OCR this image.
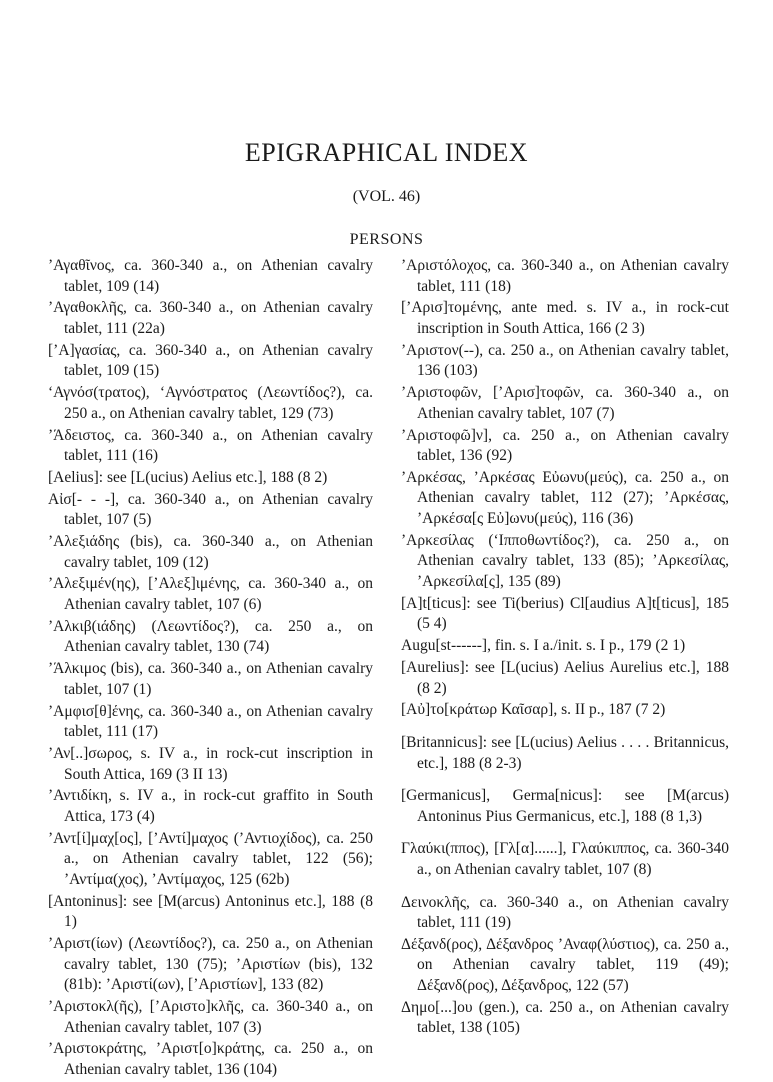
EPIGRAPHICAL INDEX
(VOL. 46)
PERSONS

ʼΑγαθῖνος, ca. 360-340 a., on Athenian cavalry tablet, 109 (14)

ʼΑγαθοκλῆς, ca. 360-340 a., on Athenian cavalry tablet, 111 (22a)

[ʼΑ]γασίας, ca. 360-340 a., on Athenian cavalry tablet, 109 (15)

ʻΑγνόσ(τρατος), ʻΑγνόστρατος (Λεωντίδος?), ca. 250 a., on Athenian cavalry tablet, 129 (73)

ʼΆδειστος, ca. 360-340 a., on Athenian cavalry tablet, 111 (16)

[Aelius]: see [L(ucius) Aelius etc.], 188 (8 2)

Αἰσ[- - -], ca. 360-340 a., on Athenian cavalry tablet, 107 (5)

ʼΑλεξιάδης (bis), ca. 360-340 a., on Athenian cavalry tablet, 109 (12)

ʼΑλεξιμέν(ης), [ʼΑλεξ]ιμένης, ca. 360-340 a., on Athenian cavalry tablet, 107 (6)

ʼΑλκιβ(ιάδης) (Λεωντίδος?), ca. 250 a., on Athenian cavalry tablet, 130 (74)

ʼΆλκιμος (bis), ca. 360-340 a., on Athenian cavalry tablet, 107 (1)

ʼΑμφισ[θ]ένης, ca. 360-340 a., on Athenian cavalry tablet, 111 (17)

ʼΑν[..]σωρος, s. IV a., in rock-cut inscription in South Attica, 169 (3 II 13)

ʼΑντιδίκη, s. IV a., in rock-cut graffito in South Attica, 173 (4)

ʼΑντ[ί]μαχ[ος], [ʼΑντί]μαχος (ʼΑντιοχίδος), ca. 250 a., on Athenian cavalry tablet, 122 (56); ʼΑντίμα(χος), ʼΑντίμαχος, 125 (62b)

[Antoninus]: see [M(arcus) Antoninus etc.], 188 (8 1)

ʼΑριστ(ίων) (Λεωντίδος?), ca. 250 a., on Athenian cavalry tablet, 130 (75); ʼΑριστίων (bis), 132 (81b): ʼΑριστί(ων), [ʼΑριστίων], 133 (82)

ʼΑριστοκλ(ῆς), [ʼΑριστο]κλῆς, ca. 360-340 a., on Athenian cavalry tablet, 107 (3)

ʼΑριστοκράτης, ʼΑριστ[ο]κράτης, ca. 250 a., on Athenian cavalry tablet, 136 (104)

ʼΑριστόλοχος, ca. 360-340 a., on Athenian cavalry tablet, 111 (18)

[ʼΑρισ]τομένης, ante med. s. IV a., in rock-cut inscription in South Attica, 166 (2 3)

ʼΑριστον(--), ca. 250 a., on Athenian cavalry tablet, 136 (103)

ʼΑριστοφῶν, [ʼΑρισ]τοφῶν, ca. 360-340 a., on Athenian cavalry tablet, 107 (7)

ʼΑριστοφῶ]ν], ca. 250 a., on Athenian cavalry tablet, 136 (92)

ʼΑρκέσας, ʼΑρκέσας Εὐωνυ(μεύς), ca. 250 a., on Athenian cavalry tablet, 112 (27); ʼΑρκέσας, ʼΑρκέσα[ς Εὐ]ωνυ(μεύς), 116 (36)

ʼΑρκεσίλας (ʻΙπποθωντίδος?), ca. 250 a., on Athenian cavalry tablet, 133 (85); ʼΑρκεσίλας, ʼΑρκεσίλα[ς], 135 (89)

[A]t[ticus]: see Ti(berius) Cl[audius A]t[ticus], 185 (5 4)

Augu[st------], fin. s. I a./init. s. I p., 179 (2 1)

[Aurelius]: see [L(ucius) Aelius Aurelius etc.], 188 (8 2)

[Αὐ]το[κράτωρ Καῖσαρ], s. II p., 187 (7 2)

[Britannicus]: see [L(ucius) Aelius . . . . Britannicus, etc.], 188 (8 2-3)

[Germanicus], Germa[nicus]: see [M(arcus) Antoninus Pius Germanicus, etc.], 188 (8 1,3)

Γλαύκι(ππος), [Γλ[α]......], Γλαύκιππος, ca. 360-340 a., on Athenian cavalry tablet, 107 (8)

Δεινοκλῆς, ca. 360-340 a., on Athenian cavalry tablet, 111 (19)

Δέξανδ(ρος), Δέξανδρος ʼΑναφ(λύστιος), ca. 250 a., on Athenian cavalry tablet, 119 (49); Δέξανδ(ρος), Δέξανδρος, 122 (57)

Δημο[...]ου (gen.), ca. 250 a., on Athenian cavalry tablet, 138 (105)
